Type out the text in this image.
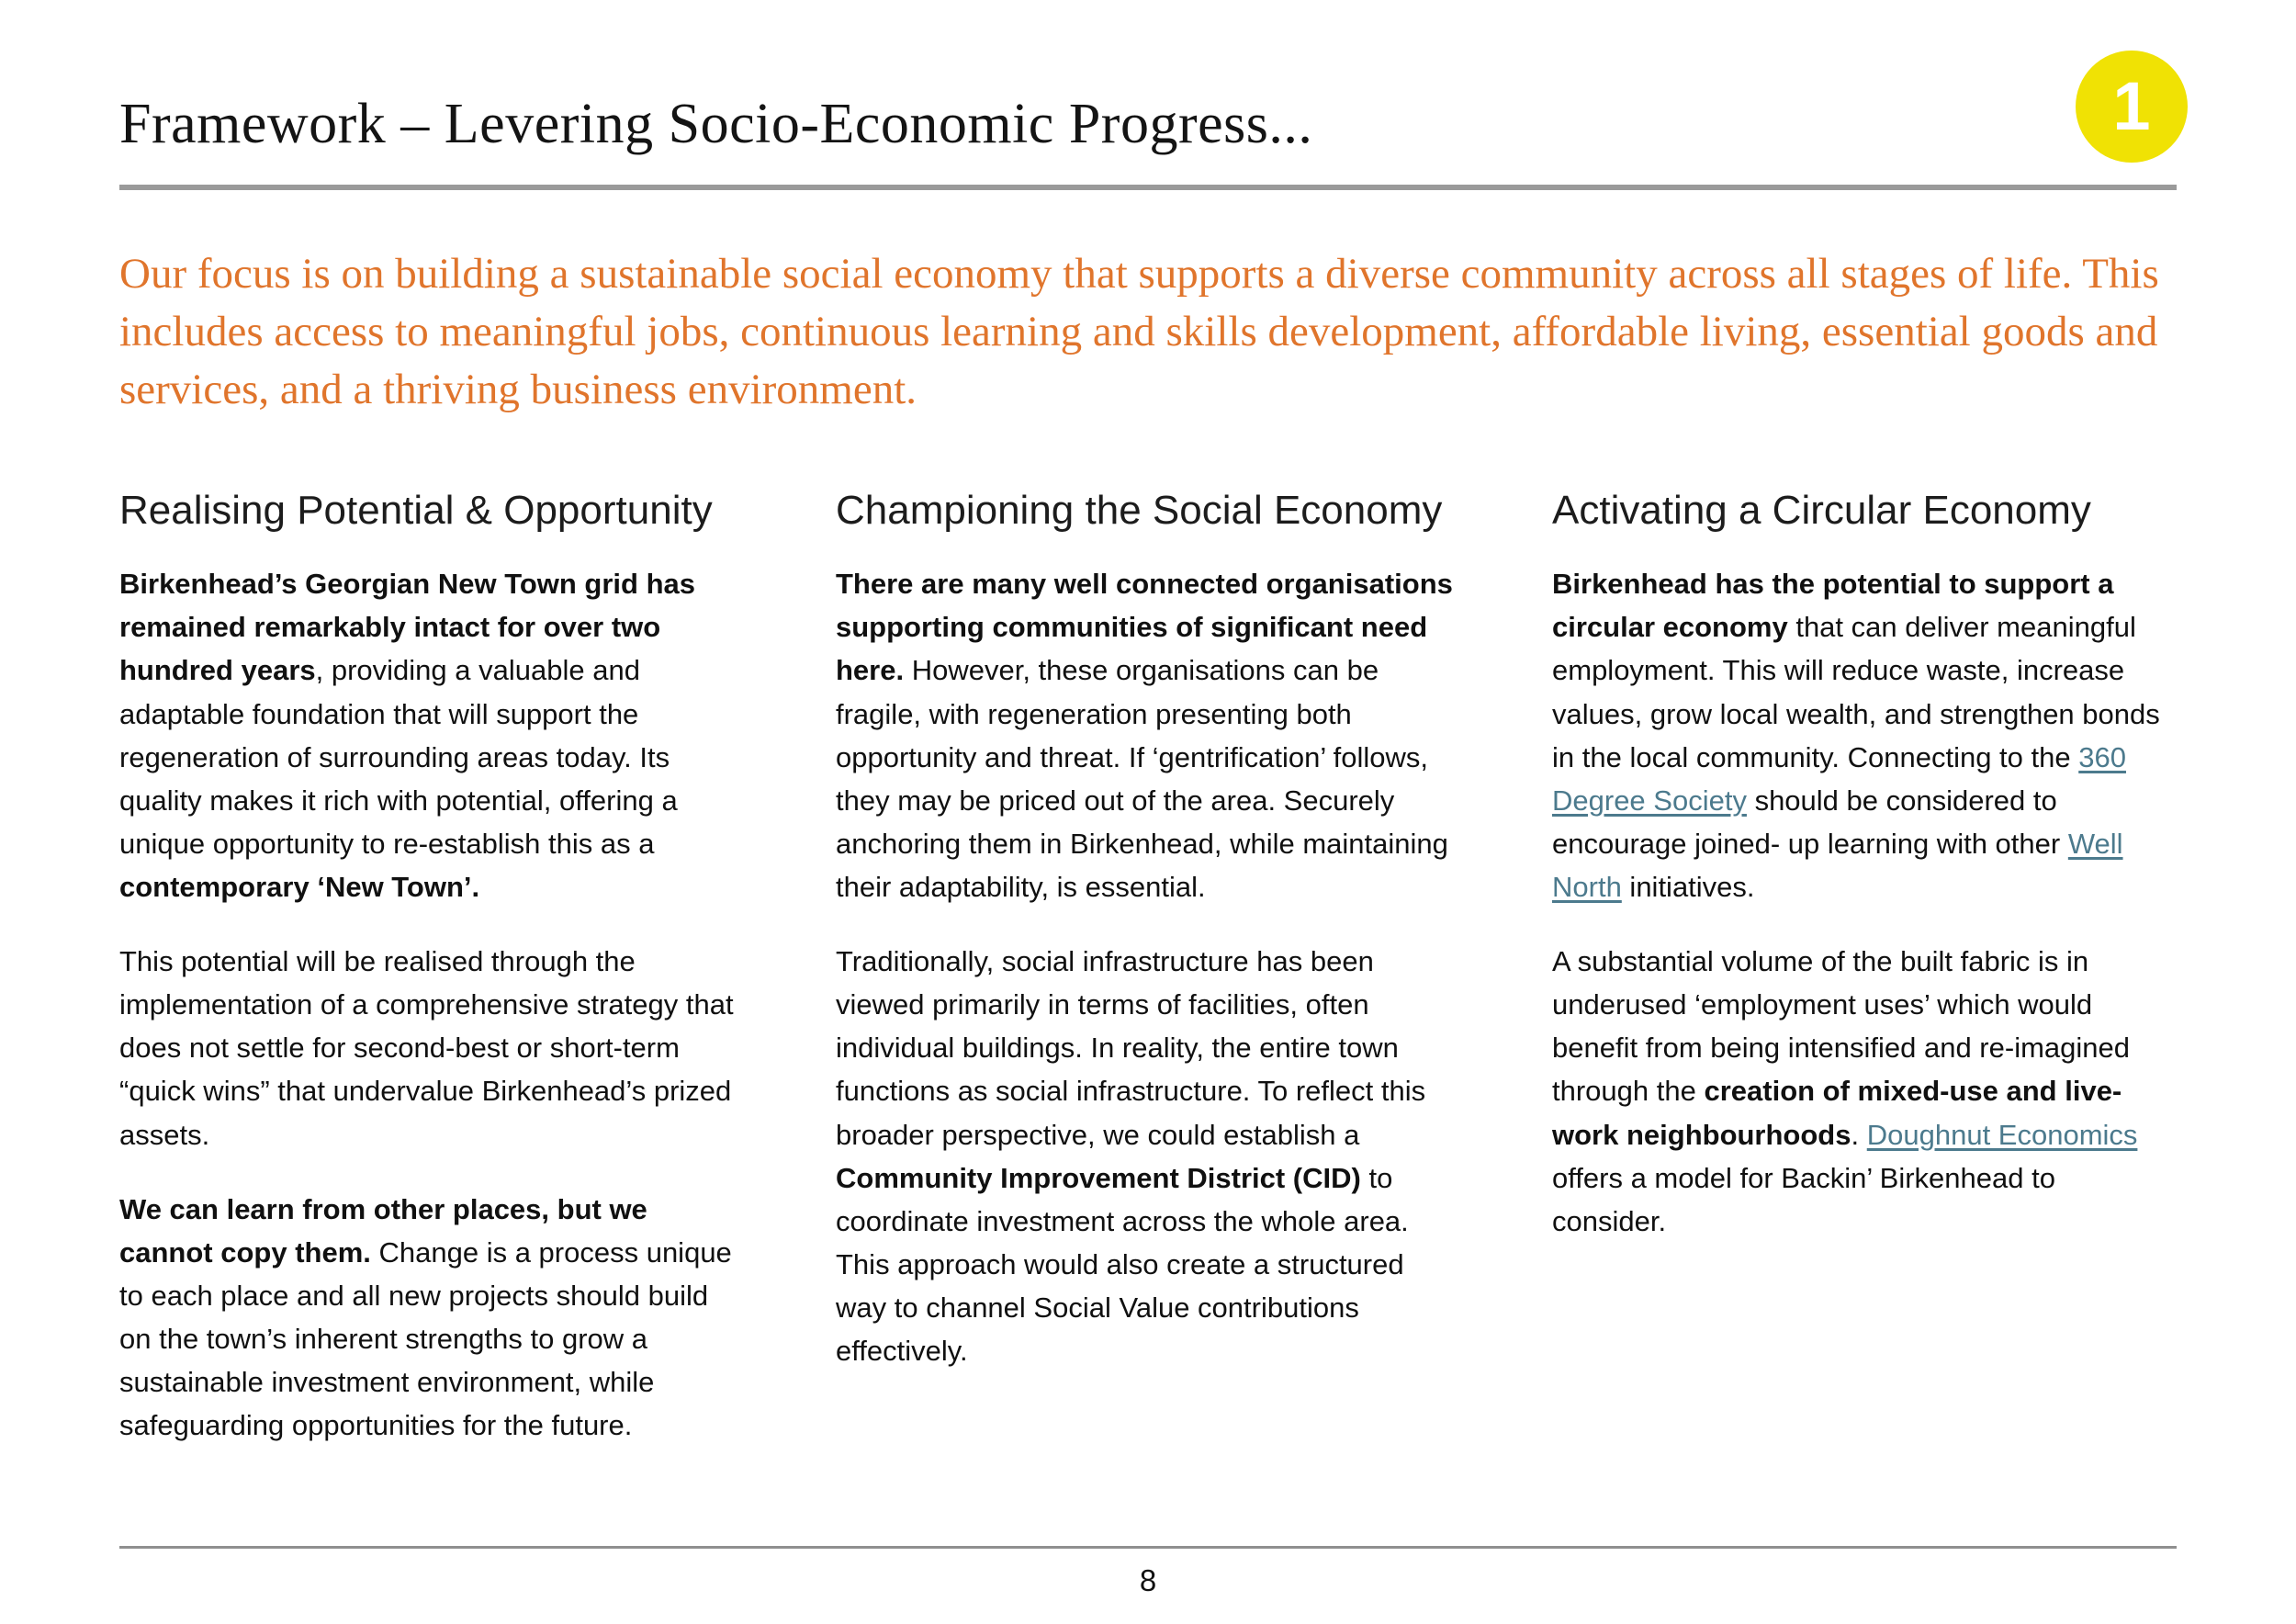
Framework – Levering Socio-Economic Progress...	1

Our focus is on building a sustainable social economy that supports a diverse community across all stages of life. This includes access to meaningful jobs, continuous learning and skills development, affordable living, essential goods and services, and a thriving business environment.

Realising Potential & Opportunity

Birkenhead’s Georgian New Town grid has remained remarkably intact for over two hundred years, providing a valuable and adaptable foundation that will support the regeneration of surrounding areas today. Its quality makes it rich with potential, offering a unique opportunity to re-establish this as a contemporary ‘New Town’.

This potential will be realised through the implementation of a comprehensive strategy that does not settle for second-best or short-term “quick wins” that undervalue Birkenhead’s prized assets.

We can learn from other places, but we cannot copy them. Change is a process unique to each place and all new projects should build on the town’s inherent strengths to grow a sustainable investment environment, while safeguarding opportunities for the future.

Championing the Social Economy

There are many well connected organisations supporting communities of significant need here. However, these organisations can be fragile, with regeneration presenting both opportunity and threat. If ‘gentrification’ follows, they may be priced out of the area. Securely anchoring them in Birkenhead, while maintaining their adaptability, is essential.

Traditionally, social infrastructure has been viewed primarily in terms of facilities, often individual buildings. In reality, the entire town functions as social infrastructure. To reflect this broader perspective, we could establish a Community Improvement District (CID) to coordinate investment across the whole area. This approach would also create a structured way to channel Social Value contributions effectively.

Activating a Circular Economy

Birkenhead has the potential to support a circular economy that can deliver meaningful employment. This will reduce waste, increase values, grow local wealth, and strengthen bonds in the local community. Connecting to the 360 Degree Society should be considered to encourage joined- up learning with other Well North initiatives.

A substantial volume of the built fabric is in underused ‘employment uses’ which would benefit from being intensified and re-imagined through the creation of mixed-use and live-work neighbourhoods. Doughnut Economics offers a model for Backin’ Birkenhead to consider.

8
